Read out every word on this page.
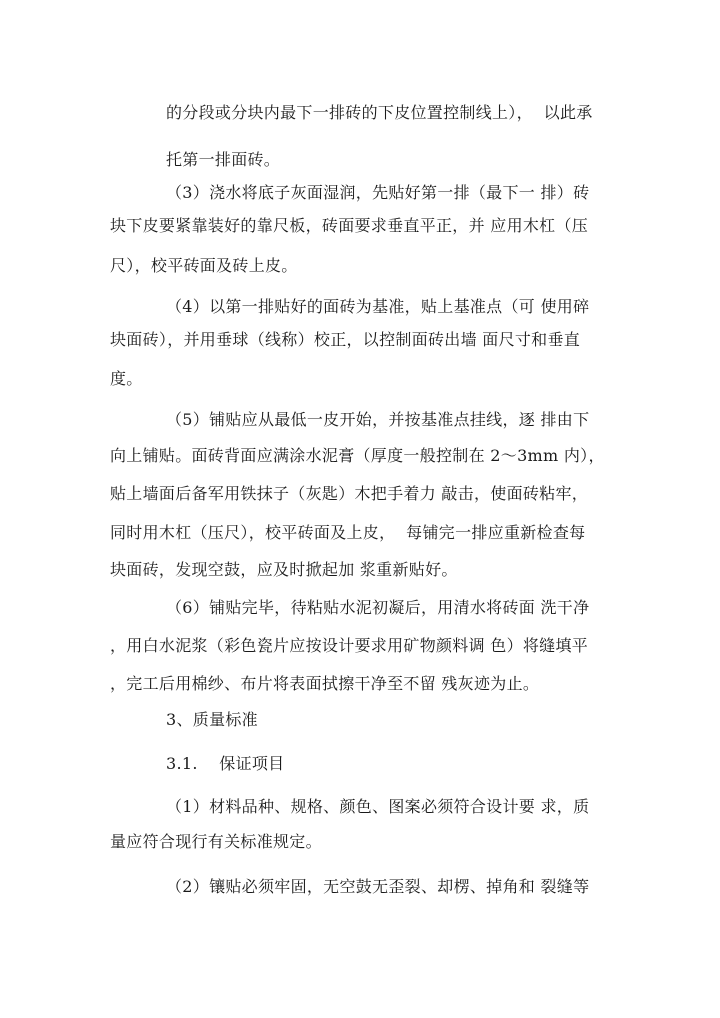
的分段或分块内最下一排砖的下皮位置控制线上），  以此承
托第一排面砖。
（3）浇水将底子灰面湿润，先贴好第一排（最下一 排）砖
块下皮要紧靠装好的靠尺板，砖面要求垂直平正，并 应用木杠（压
尺），校平砖面及砖上皮。
（4）以第一排贴好的面砖为基准，贴上基准点（可 使用碎
块面砖），并用垂球（线称）校正，以控制面砖出墙 面尺寸和垂直
度。
（5）铺贴应从最低一皮开始，并按基准点挂线，逐 排由下
向上铺贴。面砖背面应满涂水泥膏（厚度一般控制在 2〜3mm 内），
贴上墙面后备军用铁抹子（灰匙）木把手着力 敲击，使面砖粘牢，
同时用木杠（压尺），校平砖面及上皮，  每铺完一排应重新检查每
块面砖，发现空鼓，应及时掀起加 浆重新贴好。
（6）铺贴完毕，待粘贴水泥初凝后，用清水将砖面 洗干净
，用白水泥浆（彩色瓷片应按设计要求用矿物颜料调 色）将缝填平
，完工后用棉纱、布片将表面拭擦干净至不留 残灰迹为止。
3、质量标准
3.1.    保证项目
（1）材料品种、规格、颜色、图案必须符合设计要 求，质
量应符合现行有关标准规定。
（2）镶贴必须牢固，无空鼓无歪裂、却楞、掉角和 裂缝等
